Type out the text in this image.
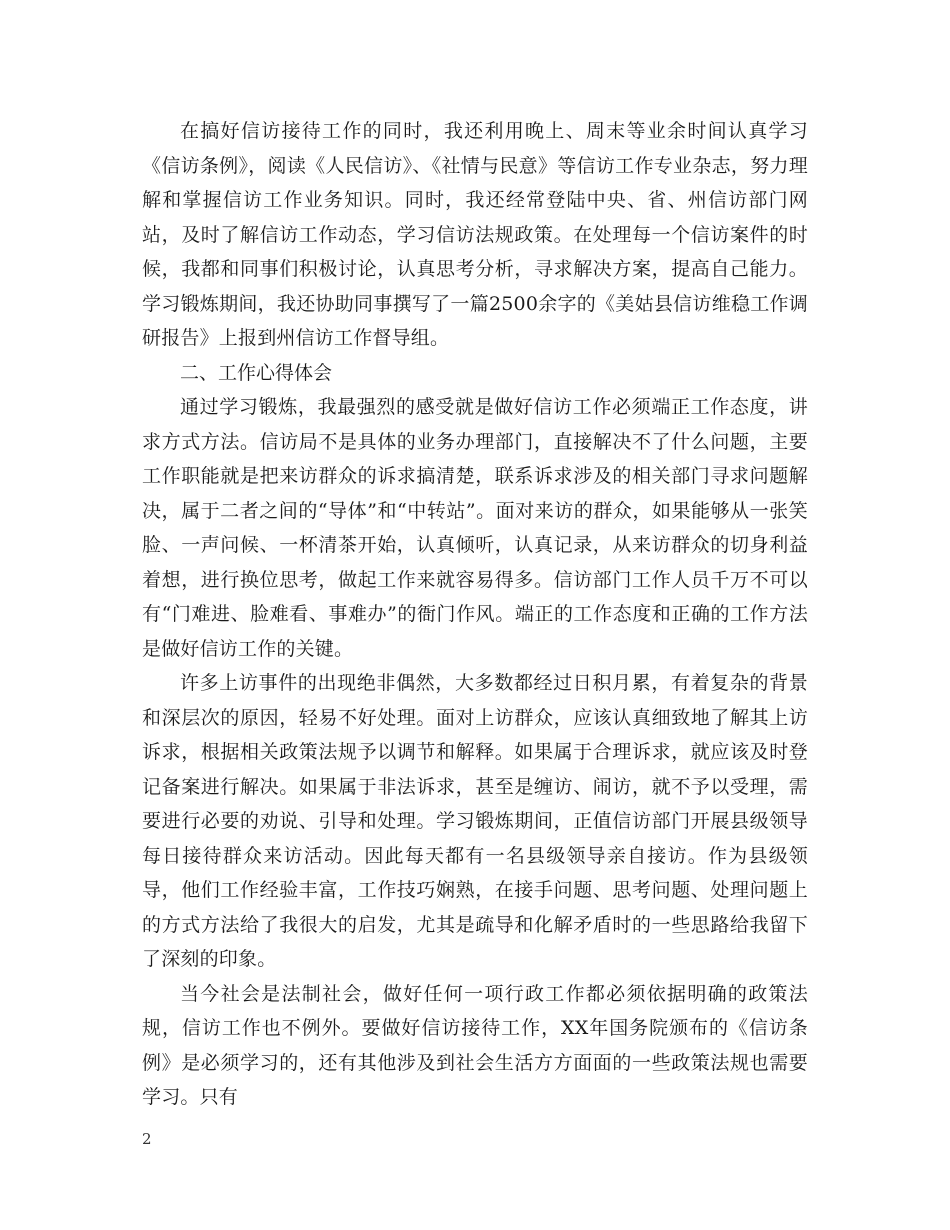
在搞好信访接待工作的同时，我还利用晚上、周末等业余时间认真学习《信访条例》，阅读《人民信访》、《社情与民意》等信访工作专业杂志，努力理解和掌握信访工作业务知识。同时，我还经常登陆中央、省、州信访部门网站，及时了解信访工作动态，学习信访法规政策。在处理每一个信访案件的时候，我都和同事们积极讨论，认真思考分析，寻求解决方案，提高自己能力。学习锻炼期间，我还协助同事撰写了一篇2500余字的《美姑县信访维稳工作调研报告》上报到州信访工作督导组。

二、工作心得体会

通过学习锻炼，我最强烈的感受就是做好信访工作必须端正工作态度，讲求方式方法。信访局不是具体的业务办理部门，直接解决不了什么问题，主要工作职能就是把来访群众的诉求搞清楚，联系诉求涉及的相关部门寻求问题解决，属于二者之间的“导体”和“中转站”。面对来访的群众，如果能够从一张笑脸、一声问候、一杯清茶开始，认真倾听，认真记录，从来访群众的切身利益着想，进行换位思考，做起工作来就容易得多。信访部门工作人员千万不可以有“门难进、脸难看、事难办”的衙门作风。端正的工作态度和正确的工作方法是做好信访工作的关键。

许多上访事件的出现绝非偶然，大多数都经过日积月累，有着复杂的背景和深层次的原因，轻易不好处理。面对上访群众，应该认真细致地了解其上访诉求，根据相关政策法规予以调节和解释。如果属于合理诉求，就应该及时登记备案进行解决。如果属于非法诉求，甚至是缠访、闹访，就不予以受理，需要进行必要的劝说、引导和处理。学习锻炼期间，正值信访部门开展县级领导每日接待群众来访活动。因此每天都有一名县级领导亲自接访。作为县级领导，他们工作经验丰富，工作技巧娴熟，在接手问题、思考问题、处理问题上的方式方法给了我很大的启发，尤其是疏导和化解矛盾时的一些思路给我留下了深刻的印象。

当今社会是法制社会，做好任何一项行政工作都必须依据明确的政策法规，信访工作也不例外。要做好信访接待工作，XX年国务院颁布的《信访条例》是必须学习的，还有其他涉及到社会生活方方面面的一些政策法规也需要学习。只有

2
